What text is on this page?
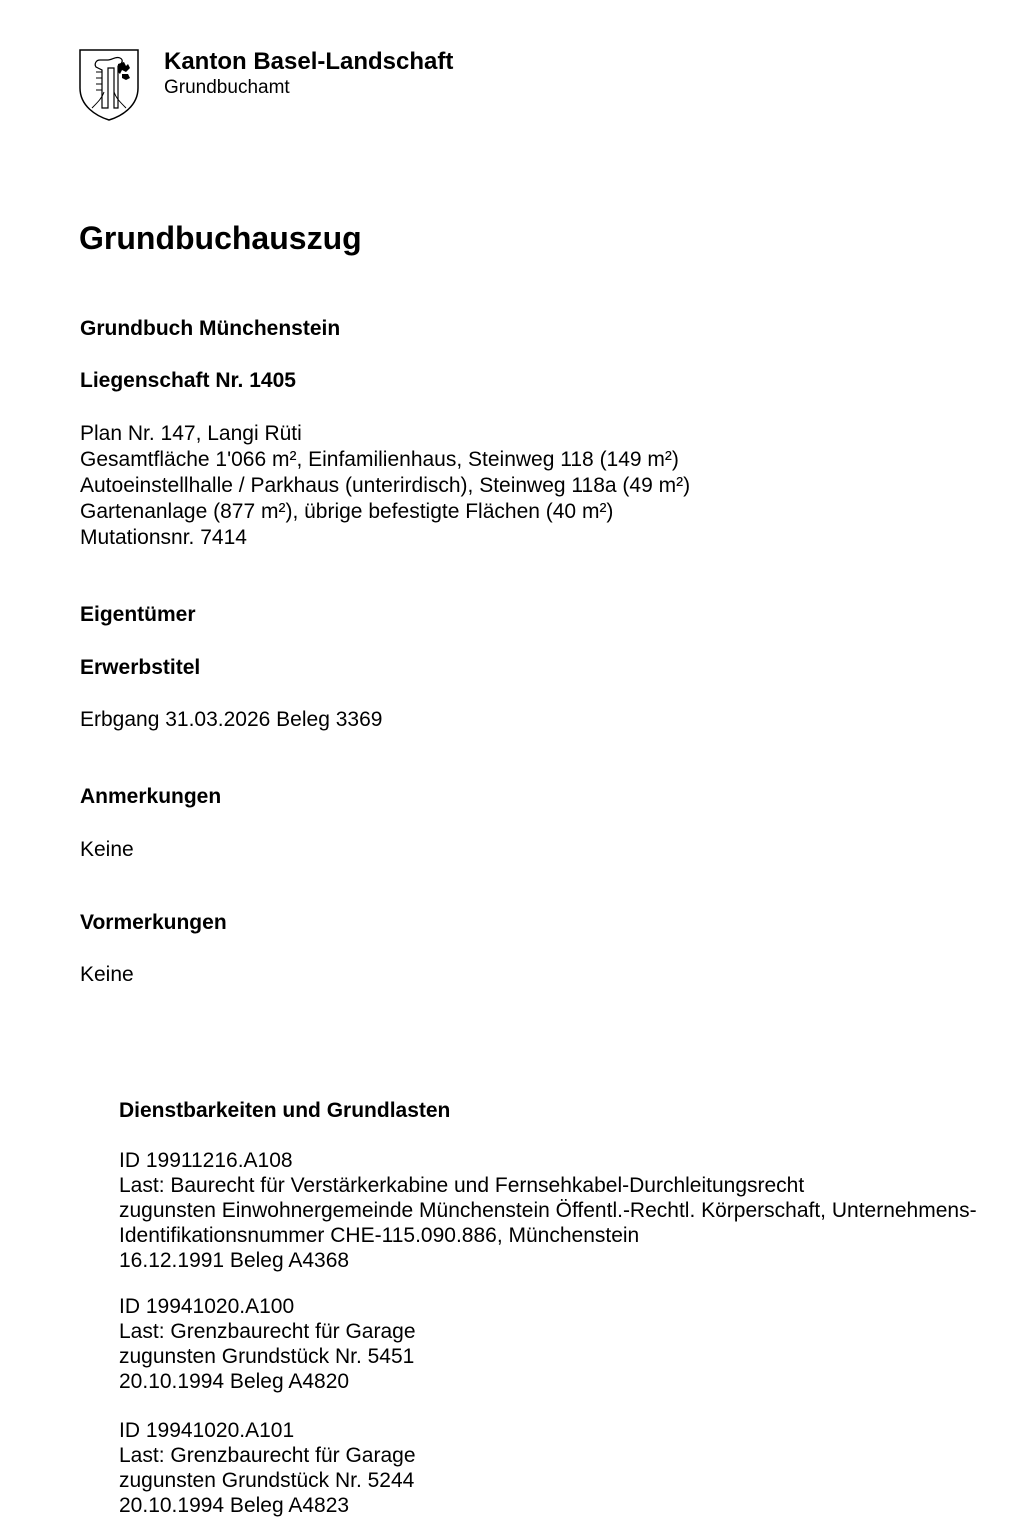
Kanton Basel-Landschaft
Grundbuchamt
Grundbuchauszug
Grundbuch Münchenstein
Liegenschaft Nr. 1405
Plan Nr. 147, Langi Rüti
Gesamtfläche 1'066 m², Einfamilienhaus, Steinweg 118 (149 m²)
Autoeinstellhalle / Parkhaus (unterirdisch), Steinweg 118a (49 m²)
Gartenanlage (877 m²), übrige befestigte Flächen (40 m²)
Mutationsnr. 7414
Eigentümer
Erwerbstitel
Erbgang 31.03.2026 Beleg 3369
Anmerkungen
Keine
Vormerkungen
Keine
Dienstbarkeiten und Grundlasten
ID 19911216.A108
Last: Baurecht für Verstärkerkabine und Fernsehkabel-Durchleitungsrecht
zugunsten Einwohnergemeinde Münchenstein Öffentl.-Rechtl. Körperschaft, Unternehmens-
Identifikationsnummer CHE-115.090.886, Münchenstein
16.12.1991 Beleg A4368
ID 19941020.A100
Last: Grenzbaurecht für Garage
zugunsten Grundstück Nr. 5451
20.10.1994 Beleg A4820
ID 19941020.A101
Last: Grenzbaurecht für Garage
zugunsten Grundstück Nr. 5244
20.10.1994 Beleg A4823
